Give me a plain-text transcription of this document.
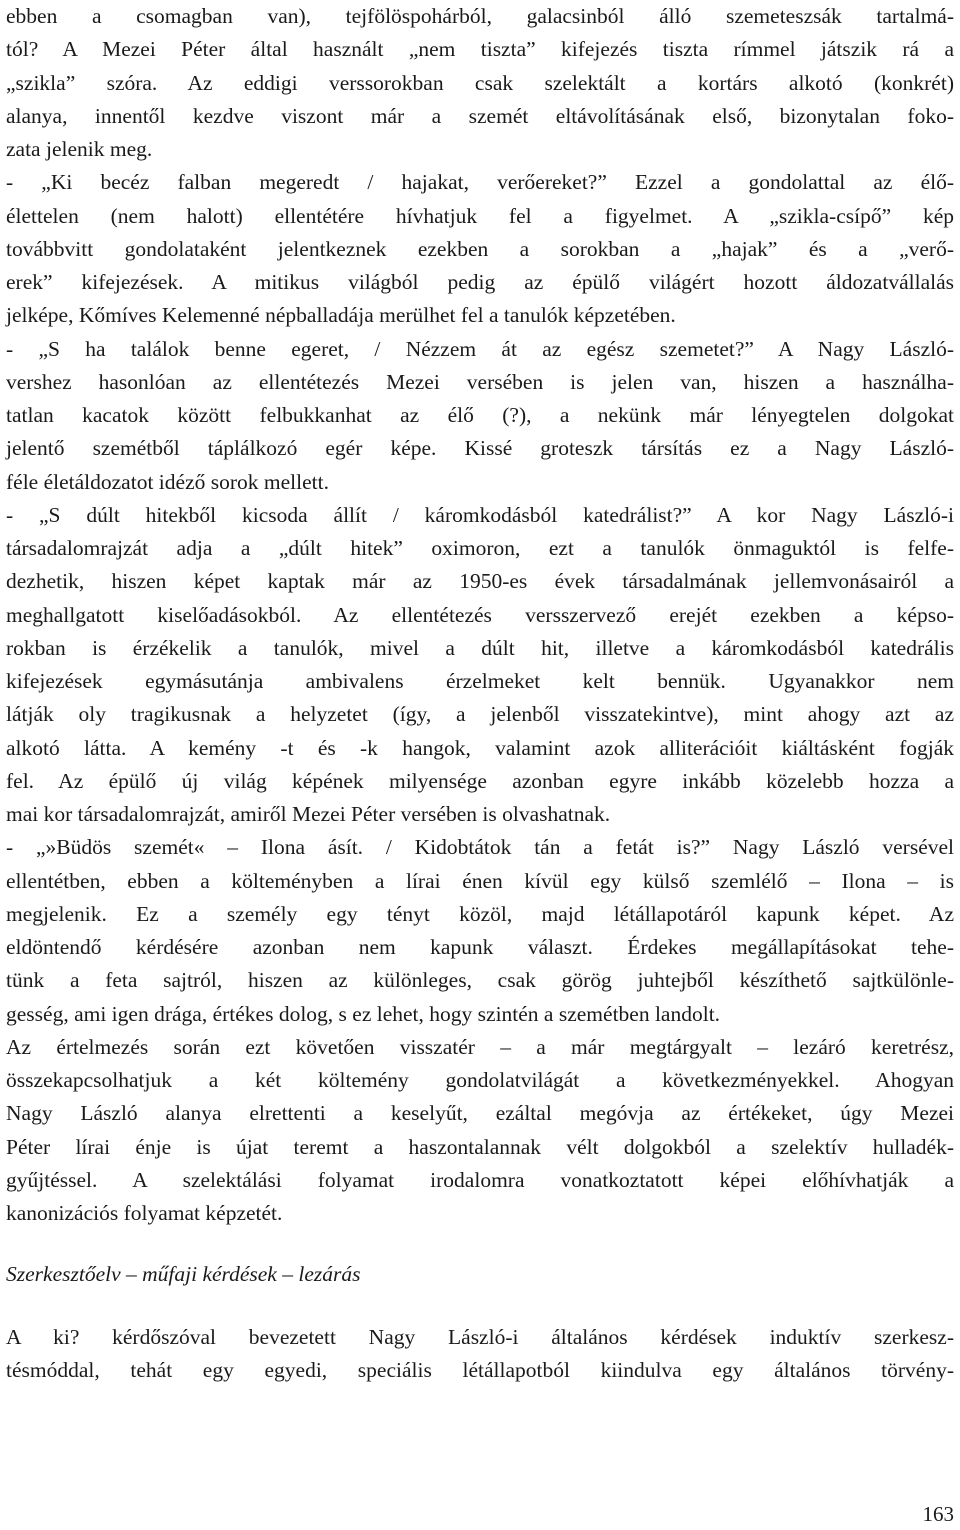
ebben a csomagban van), tejfölöspohárból, galacsinból álló szemeteszsák tartalmá-
tól? A Mezei Péter által használt „nem tiszta” kifejezés tiszta rímmel játszik rá a
„szikla” szóra. Az eddigi verssorokban csak szelektált a kortárs alkotó (konkrét)
alanya, innentől kezdve viszont már a szemét eltávolításának első, bizonytalan foko-
zata jelenik meg.
- „Ki becéz falban megeredt / hajakat, verőereket?” Ezzel a gondolattal az élő-
élettelen (nem halott) ellentétére hívhatjuk fel a figyelmet. A „szikla-csípő” kép
továbbvitt gondolataként jelentkeznek ezekben a sorokban a „hajak” és a „verő-
erek” kifejezések. A mitikus világból pedig az épülő világért hozott áldozatvállalás
jelképe, Kőmíves Kelemenné népballadája merülhet fel a tanulók képzetében.
- „S ha találok benne egeret, / Nézzem át az egész szemetet?” A Nagy László-
vershez hasonlóan az ellentétezés Mezei versében is jelen van, hiszen a használha-
tatlan kacatok között felbukkanhat az élő (?), a nekünk már lényegtelen dolgokat
jelentő szemétből táplálkozó egér képe. Kissé groteszk társítás ez a Nagy László-
féle életáldozatot idéző sorok mellett.
- „S dúlt hitekből kicsoda állít / káromkodásból katedrálist?” A kor Nagy László-i
társadalomrajzát adja a „dúlt hitek” oximoron, ezt a tanulók önmaguktól is felfe-
dezhetik, hiszen képet kaptak már az 1950-es évek társadalmának jellemvonásairól a
meghallgatott kiselőadásokból. Az ellentétezés versszervező erejét ezekben a képso-
rokban is érzékelik a tanulók, mivel a dúlt hit, illetve a káromkodásból katedrális
kifejezések egymásutánja ambivalens érzelmeket kelt bennük. Ugyanakkor nem
látják oly tragikusnak a helyzetet (így, a jelenből visszatekintve), mint ahogy azt az
alkotó látta. A kemény -t és -k hangok, valamint azok alliterációit kiáltásként fogják
fel. Az épülő új világ képének milyensége azonban egyre inkább közelebb hozza a
mai kor társadalomrajzát, amiről Mezei Péter versében is olvashatnak.
- „»Büdös szemét« – Ilona ásít. / Kidobtátok tán a fetát is?” Nagy László versével
ellentétben, ebben a költeményben a lírai énen kívül egy külső szemlélő – Ilona – is
megjelenik. Ez a személy egy tényt közöl, majd létállapotáról kapunk képet. Az
eldöntendő kérdésére azonban nem kapunk választ. Érdekes megállapításokat tehe-
tünk a feta sajtról, hiszen az különleges, csak görög juhtejből készíthető sajtkülönle-
gesség, ami igen drága, értékes dolog, s ez lehet, hogy szintén a szemétben landolt.
Az értelmezés során ezt követően visszatér – a már megtárgyalt – lezáró keretrész,
összekapcsolhatjuk a két költemény gondolatvilágát a következményekkel. Ahogyan
Nagy László alanya elrettenti a keselyűt, ezáltal megóvja az értékeket, úgy Mezei
Péter lírai énje is újat teremt a haszontalannak vélt dolgokból a szelektív hulladék-
gyűjtéssel. A szelektálási folyamat irodalomra vonatkoztatott képei előhívhatják a
kanonizációs folyamat képzetét.
Szerkesztőelv – műfaji kérdések – lezárás
A ki? kérdőszóval bevezetett Nagy László-i általános kérdések induktív szerkesz-
tésmóddal, tehát egy egyedi, speciális létállapotból kiindulva egy általános törvény-
163
